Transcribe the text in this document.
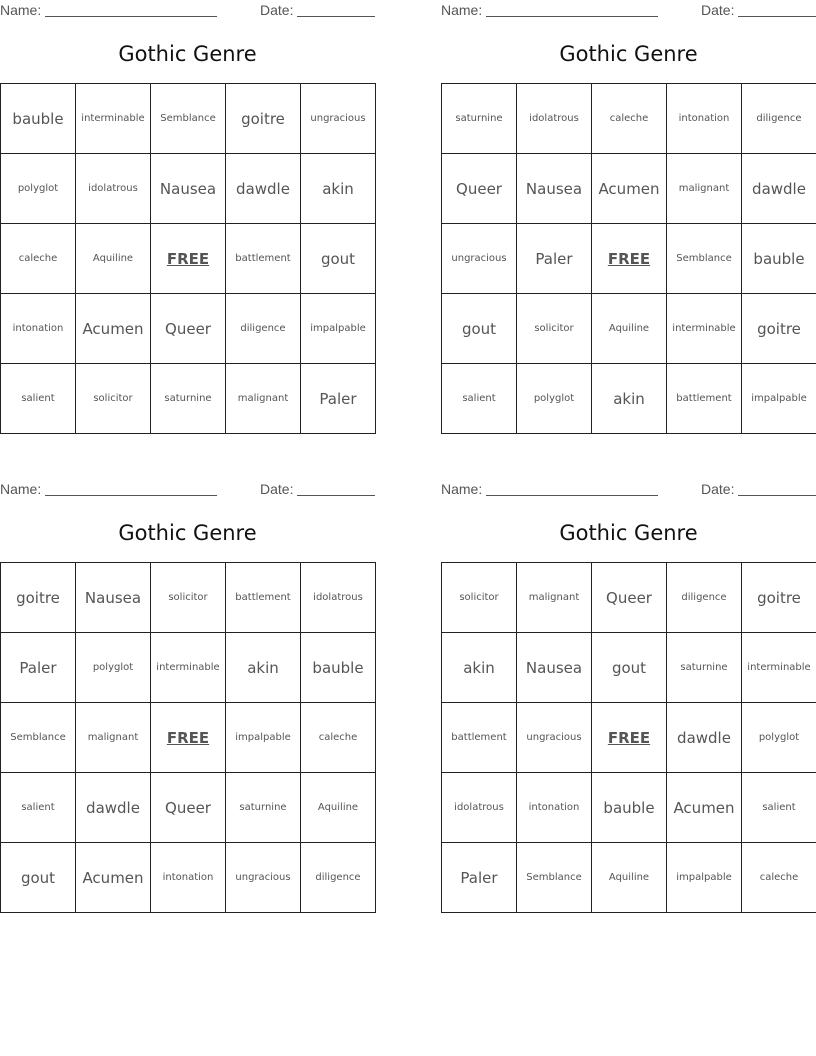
Name:	Date:
Gothic Genre
bauble	interminable	Semblance	goitre	ungracious
polyglot	idolatrous	Nausea	dawdle	akin
caleche	Aquiline	FREE	battlement	gout
intonation	Acumen	Queer	diligence	impalpable
salient	solicitor	saturnine	malignant	Paler
Name:	Date:
Gothic Genre
saturnine	idolatrous	caleche	intonation	diligence
Queer	Nausea	Acumen	malignant	dawdle
ungracious	Paler	FREE	Semblance	bauble
gout	solicitor	Aquiline	interminable	goitre
salient	polyglot	akin	battlement	impalpable
Name:	Date:
Gothic Genre
goitre	Nausea	solicitor	battlement	idolatrous
Paler	polyglot	interminable	akin	bauble
Semblance	malignant	FREE	impalpable	caleche
salient	dawdle	Queer	saturnine	Aquiline
gout	Acumen	intonation	ungracious	diligence
Name:	Date:
Gothic Genre
solicitor	malignant	Queer	diligence	goitre
akin	Nausea	gout	saturnine	interminable
battlement	ungracious	FREE	dawdle	polyglot
idolatrous	intonation	bauble	Acumen	salient
Paler	Semblance	Aquiline	impalpable	caleche
